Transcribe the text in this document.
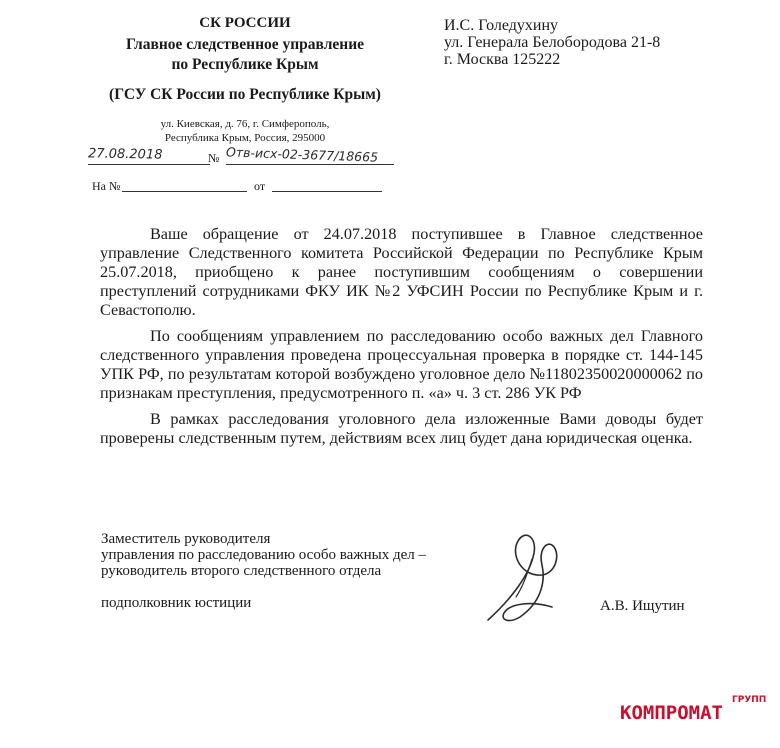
СК РОССИИ
Главное следственное управление
по Республике Крым
(ГСУ СК России по Республике Крым)
ул. Киевская, д. 76, г. Симферополь,
Республика Крым, Россия, 295000
И.С. Голедухину
ул. Генерала Белобородова 21-8
г. Москва 125222
27.08.2018	№ Отв-исх-02-3677/18665
На №	от

Ваше обращение от 24.07.2018 поступившее в Главное следственное управление Следственного комитета Российской Федерации по Республике Крым 25.07.2018, приобщено к ранее поступившим сообщениям о совершении преступлений сотрудниками ФКУ ИК №2 УФСИН России по Республике Крым и г. Севастополю.

По сообщениям управлением по расследованию особо важных дел Главного следственного управления проведена процессуальная проверка в порядке ст. 144-145 УПК РФ, по результатам которой возбуждено уголовное дело №11802350020000062 по признакам преступления, предусмотренного п. «а» ч. 3 ст. 286 УК РФ

В рамках расследования уголовного дела изложенные Вами доводы будет проверены следственным путем, действиям всех лиц будет дана юридическая оценка.

Заместитель руководителя
управления по расследованию особо важных дел –
руководитель второго следственного отдела
подполковник юстиции	А.В. Ищутин
КОМПРОМАТ
ГРУПП
